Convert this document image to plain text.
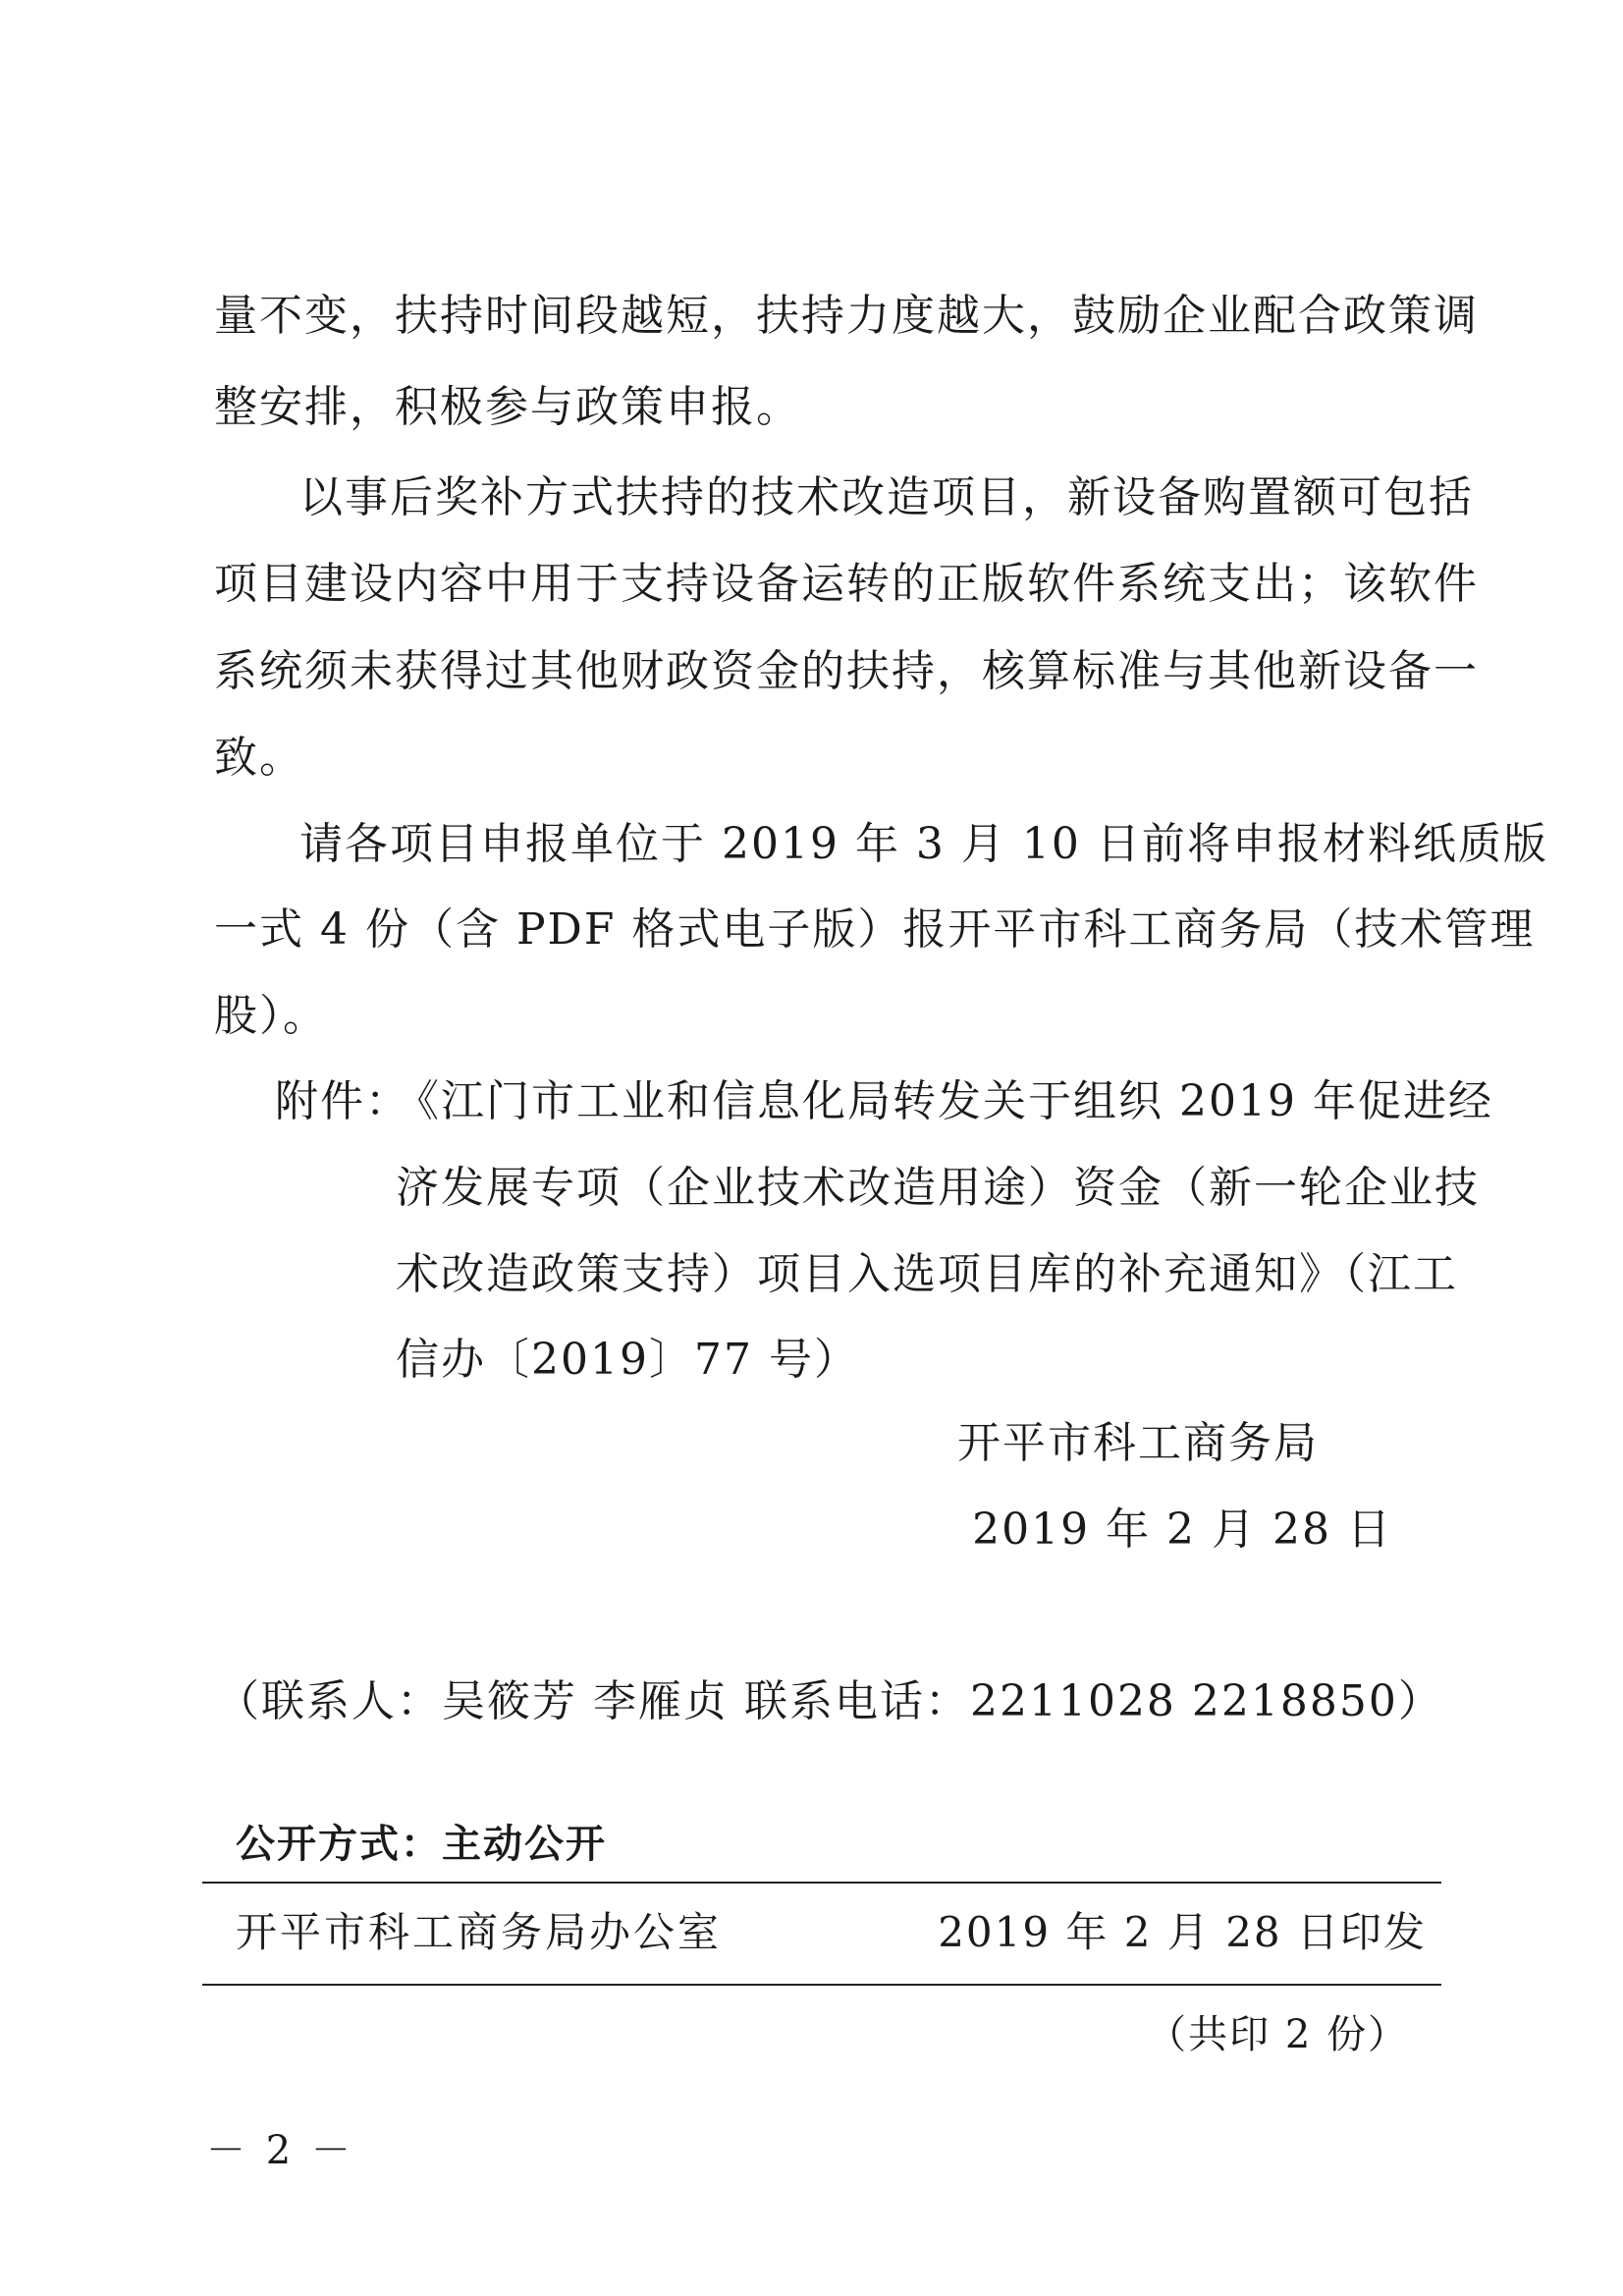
量不变，扶持时间段越短，扶持力度越大，鼓励企业配合政策调
整安排，积极参与政策申报。
以事后奖补方式扶持的技术改造项目，新设备购置额可包括
项目建设内容中用于支持设备运转的正版软件系统支出；该软件
系统须未获得过其他财政资金的扶持，核算标准与其他新设备一
致。
请各项目申报单位于 2019 年 3 月 10 日前将申报材料纸质版
一式 4 份（含 PDF 格式电子版）报开平市科工商务局（技术管理
股）。
附件：
《江门市工业和信息化局转发关于组织 2019 年促进经
济发展专项（企业技术改造用途）资金（新一轮企业技
术改造政策支持）项目入选项目库的补充通知》（江工
信办〔2019〕77 号）
开平市科工商务局
2019 年 2 月 28 日
（联系人：吴筱芳 李雁贞 联系电话：2211028 2218850）
公开方式：主动公开
开平市科工商务局办公室	2019 年 2 月 28 日印发
（共印 2 份）
－ 2 －
